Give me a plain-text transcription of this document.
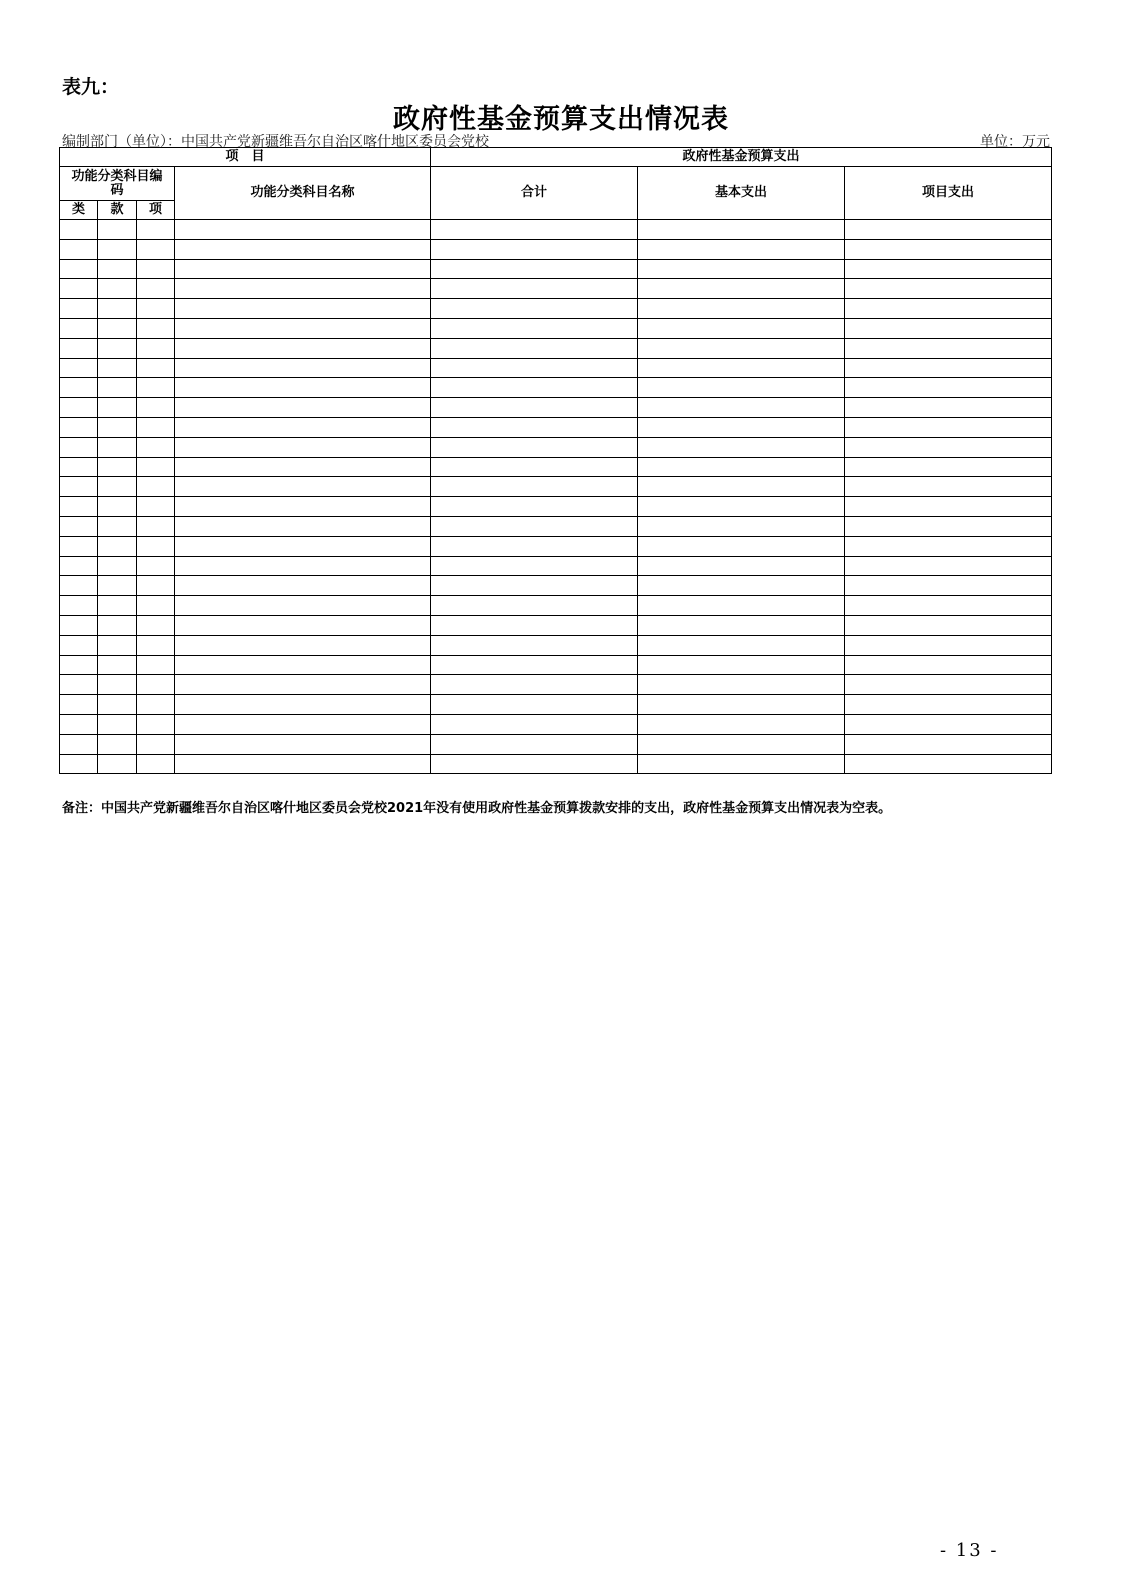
表九：
政府性基金预算支出情况表
编制部门（单位）：中国共产党新疆维吾尔自治区喀什地区委员会党校	单位：万元
项　目				政府性基金预算支出		
功能分类科目编码			功能分类科目名称	合计	基本支出	项目支出
类	款	项				

备注：中国共产党新疆维吾尔自治区喀什地区委员会党校2021年没有使用政府性基金预算拨款安排的支出，政府性基金预算支出情况表为空表。
- 13 -
